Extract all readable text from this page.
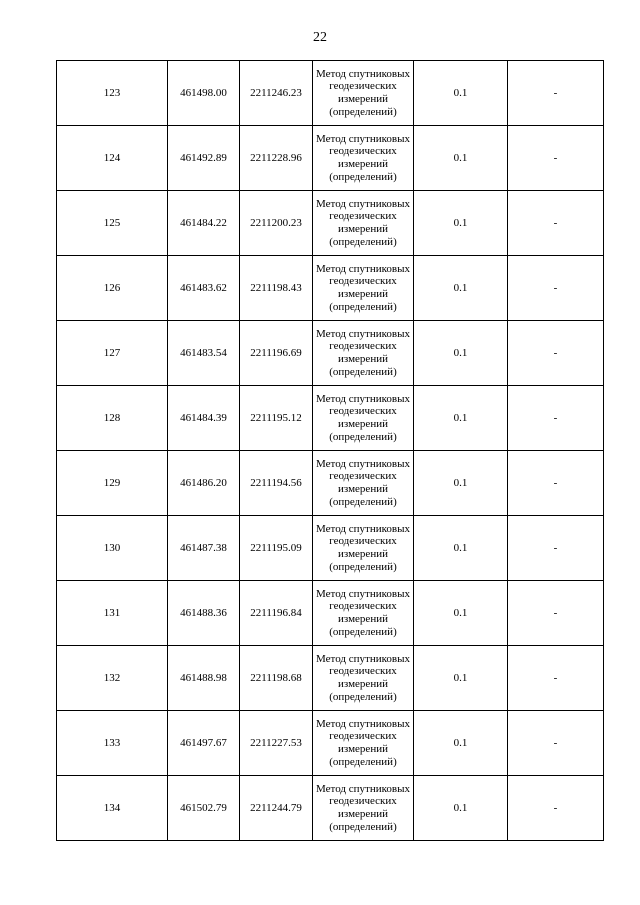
22
123	461498.00	2211246.23	Метод спутниковых геодезических измерений (определений)	0.1	-
124	461492.89	2211228.96	Метод спутниковых геодезических измерений (определений)	0.1	-
125	461484.22	2211200.23	Метод спутниковых геодезических измерений (определений)	0.1	-
126	461483.62	2211198.43	Метод спутниковых геодезических измерений (определений)	0.1	-
127	461483.54	2211196.69	Метод спутниковых геодезических измерений (определений)	0.1	-
128	461484.39	2211195.12	Метод спутниковых геодезических измерений (определений)	0.1	-
129	461486.20	2211194.56	Метод спутниковых геодезических измерений (определений)	0.1	-
130	461487.38	2211195.09	Метод спутниковых геодезических измерений (определений)	0.1	-
131	461488.36	2211196.84	Метод спутниковых геодезических измерений (определений)	0.1	-
132	461488.98	2211198.68	Метод спутниковых геодезических измерений (определений)	0.1	-
133	461497.67	2211227.53	Метод спутниковых геодезических измерений (определений)	0.1	-
134	461502.79	2211244.79	Метод спутниковых геодезических измерений (определений)	0.1	-
